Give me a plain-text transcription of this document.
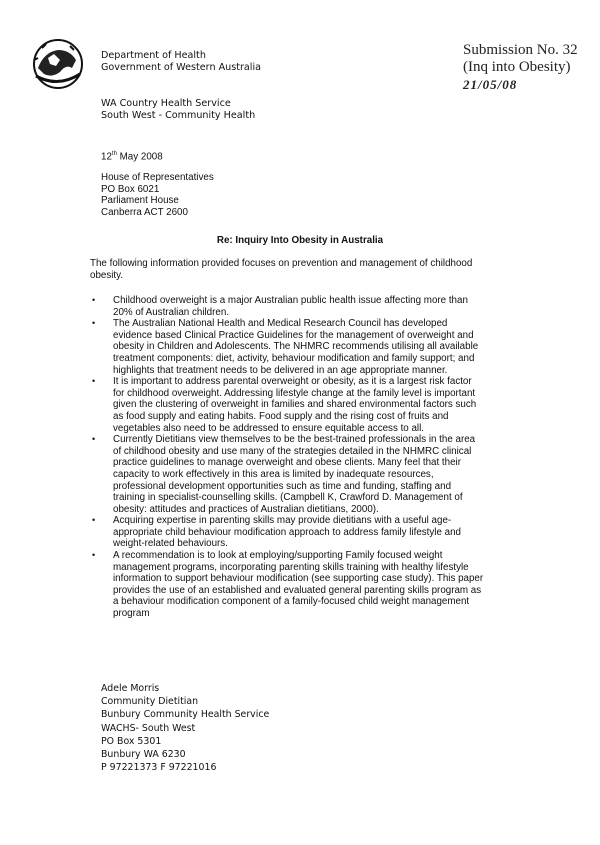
Department of Health
Government of Western Australia
WA Country Health Service
South West - Community Health
Submission No. 32
(Inq into Obesity)
21/05/08
12th May 2008
House of Representatives
PO Box 6021
Parliament House
Canberra ACT 2600
Re: Inquiry Into Obesity in Australia
The following information provided focuses on prevention and management of childhood
obesity.
• Childhood overweight is a major Australian public health issue affecting more than
20% of Australian children.
• The Australian National Health and Medical Research Council has developed
evidence based Clinical Practice Guidelines for the management of overweight and
obesity in Children and Adolescents. The NHMRC recommends utilising all available
treatment components: diet, activity, behaviour modification and family support; and
highlights that treatment needs to be delivered in an age appropriate manner.
• It is important to address parental overweight or obesity, as it is a largest risk factor
for childhood overweight. Addressing lifestyle change at the family level is important
given the clustering of overweight in families and shared environmental factors such
as food supply and eating habits. Food supply and the rising cost of fruits and
vegetables also need to be addressed to ensure equitable access to all.
• Currently Dietitians view themselves to be the best-trained professionals in the area
of childhood obesity and use many of the strategies detailed in the NHMRC clinical
practice guidelines to manage overweight and obese clients. Many feel that their
capacity to work effectively in this area is limited by inadequate resources,
professional development opportunities such as time and funding, staffing and
training in specialist-counselling skills. (Campbell K, Crawford D. Management of
obesity: attitudes and practices of Australian dietitians, 2000).
• Acquiring expertise in parenting skills may provide dietitians with a useful age-
appropriate child behaviour modification approach to address family lifestyle and
weight-related behaviours.
• A recommendation is to look at employing/supporting Family focused weight
management programs, incorporating parenting skills training with healthy lifestyle
information to support behaviour modification (see supporting case study). This paper
provides the use of an established and evaluated general parenting skills program as
a behaviour modification component of a family-focused child weight management
program
Adele Morris
Community Dietitian
Bunbury Community Health Service
WACHS- South West
PO Box 5301
Bunbury WA 6230
P 97221373 F 97221016
